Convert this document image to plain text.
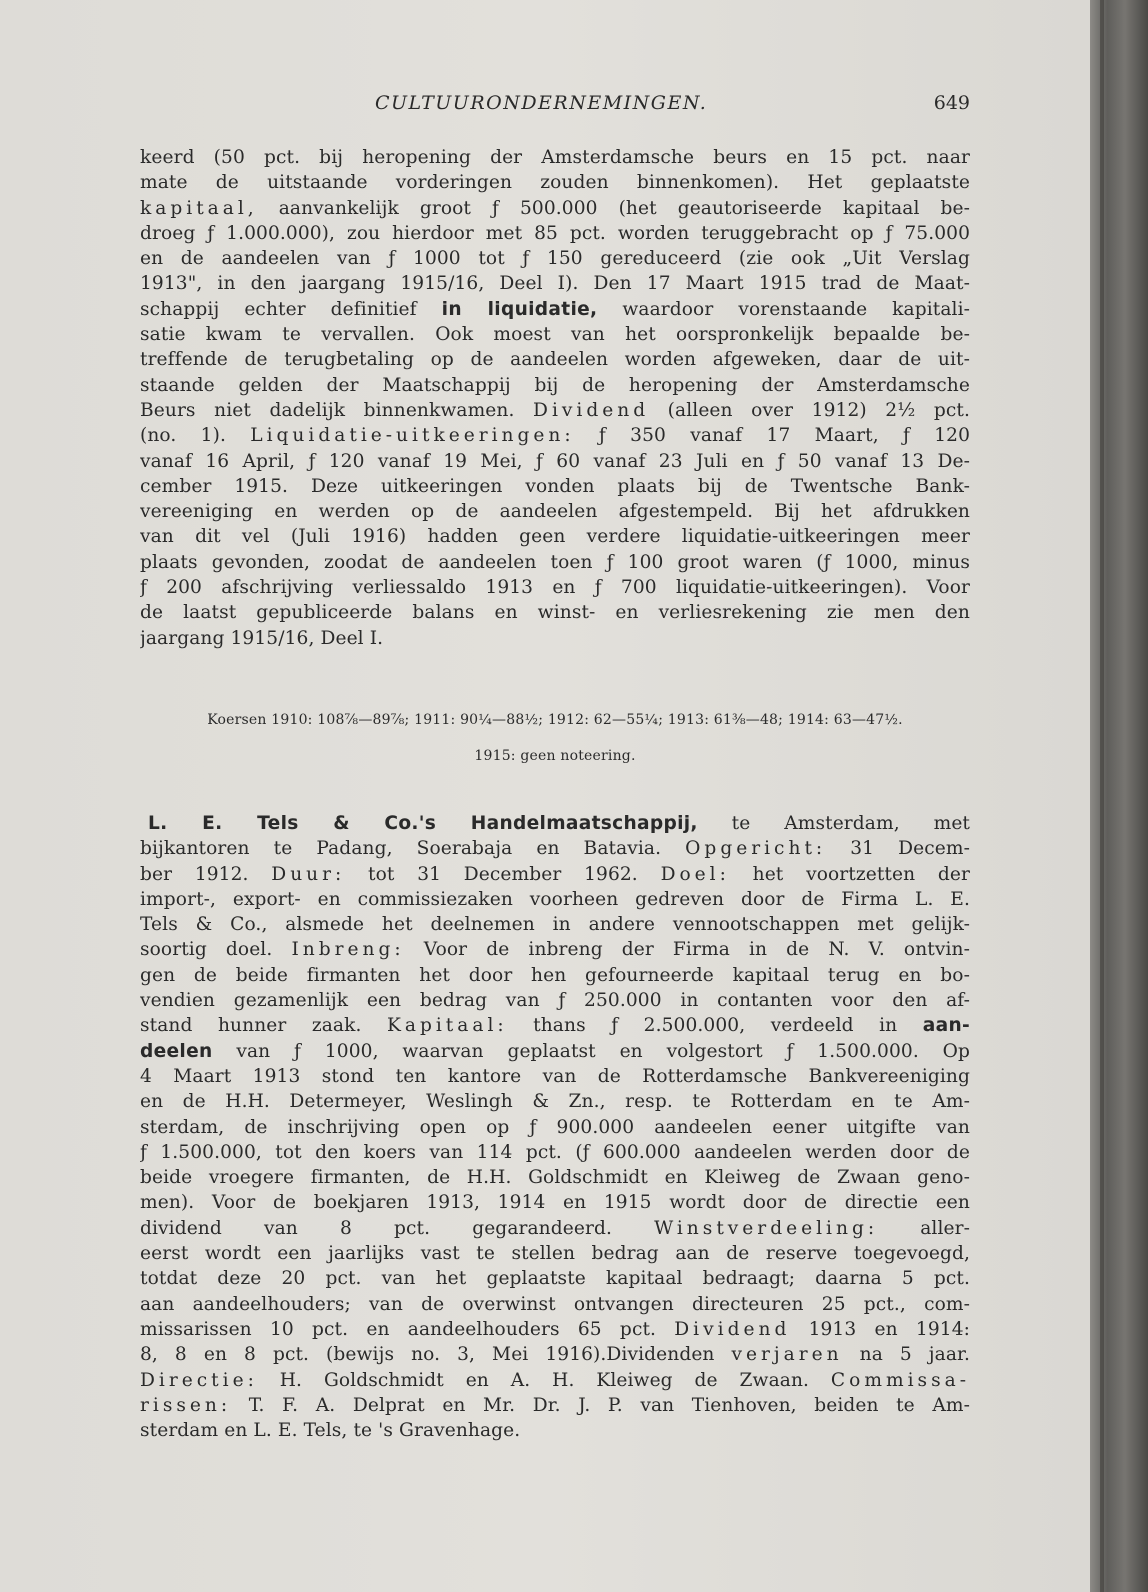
CULTUURONDERNEMINGEN.	649
keerd (50 pct. bij heropening der Amsterdamsche beurs en 15 pct. naar
mate de uitstaande vorderingen zouden binnenkomen). Het geplaatste
kapitaal, aanvankelijk groot ƒ 500.000 (het geautoriseerde kapitaal be-
droeg ƒ 1.000.000), zou hierdoor met 85 pct. worden teruggebracht op ƒ 75.000
en de aandeelen van ƒ 1000 tot ƒ 150 gereduceerd (zie ook „Uit Verslag
1913", in den jaargang 1915/16, Deel I). Den 17 Maart 1915 trad de Maat-
schappij echter definitief in liquidatie, waardoor vorenstaande kapitali-
satie kwam te vervallen. Ook moest van het oorspronkelijk bepaalde be-
treffende de terugbetaling op de aandeelen worden afgeweken, daar de uit-
staande gelden der Maatschappij bij de heropening der Amsterdamsche
Beurs niet dadelijk binnenkwamen. Dividend (alleen over 1912) 2½ pct.
(no. 1). Liquidatie-uitkeeringen: ƒ 350 vanaf 17 Maart, ƒ 120
vanaf 16 April, ƒ 120 vanaf 19 Mei, ƒ 60 vanaf 23 Juli en ƒ 50 vanaf 13 De-
cember 1915. Deze uitkeeringen vonden plaats bij de Twentsche Bank-
vereeniging en werden op de aandeelen afgestempeld. Bij het afdrukken
van dit vel (Juli 1916) hadden geen verdere liquidatie-uitkeeringen meer
plaats gevonden, zoodat de aandeelen toen ƒ 100 groot waren (ƒ 1000, minus
ƒ 200 afschrijving verliessaldo 1913 en ƒ 700 liquidatie-uitkeeringen). Voor
de laatst gepubliceerde balans en winst- en verliesrekening zie men den
jaargang 1915/16, Deel I.
Koersen 1910: 108⅞—89⅞; 1911: 90¼—88½; 1912: 62—55¼; 1913: 61⅜—48; 1914: 63—47½.
1915: geen noteering.
L. E. Tels & Co.'s Handelmaatschappij, te Amsterdam, met
bijkantoren te Padang, Soerabaja en Batavia. Opgericht: 31 Decem-
ber 1912. Duur: tot 31 December 1962. Doel: het voortzetten der
import-, export- en commissiezaken voorheen gedreven door de Firma L. E.
Tels & Co., alsmede het deelnemen in andere vennootschappen met gelijk-
soortig doel. Inbreng: Voor de inbreng der Firma in de N. V. ontvin-
gen de beide firmanten het door hen gefourneerde kapitaal terug en bo-
vendien gezamenlijk een bedrag van ƒ 250.000 in contanten voor den af-
stand hunner zaak. Kapitaal: thans ƒ 2.500.000, verdeeld in aan-
deelen van ƒ 1000, waarvan geplaatst en volgestort ƒ 1.500.000. Op
4 Maart 1913 stond ten kantore van de Rotterdamsche Bankvereeniging
en de H.H. Determeyer, Weslingh & Zn., resp. te Rotterdam en te Am-
sterdam, de inschrijving open op ƒ 900.000 aandeelen eener uitgifte van
ƒ 1.500.000, tot den koers van 114 pct. (ƒ 600.000 aandeelen werden door de
beide vroegere firmanten, de H.H. Goldschmidt en Kleiweg de Zwaan geno-
men). Voor de boekjaren 1913, 1914 en 1915 wordt door de directie een
dividend van 8 pct. gegarandeerd. Winstverdeeling: aller-
eerst wordt een jaarlijks vast te stellen bedrag aan de reserve toegevoegd,
totdat deze 20 pct. van het geplaatste kapitaal bedraagt; daarna 5 pct.
aan aandeelhouders; van de overwinst ontvangen directeuren 25 pct., com-
missarissen 10 pct. en aandeelhouders 65 pct. Dividend 1913 en 1914:
8, 8 en 8 pct. (bewijs no. 3, Mei 1916).Dividenden verjaren na 5 jaar.
Directie: H. Goldschmidt en A. H. Kleiweg de Zwaan. Commissa-
rissen: T. F. A. Delprat en Mr. Dr. J. P. van Tienhoven, beiden te Am-
sterdam en L. E. Tels, te 's Gravenhage.
